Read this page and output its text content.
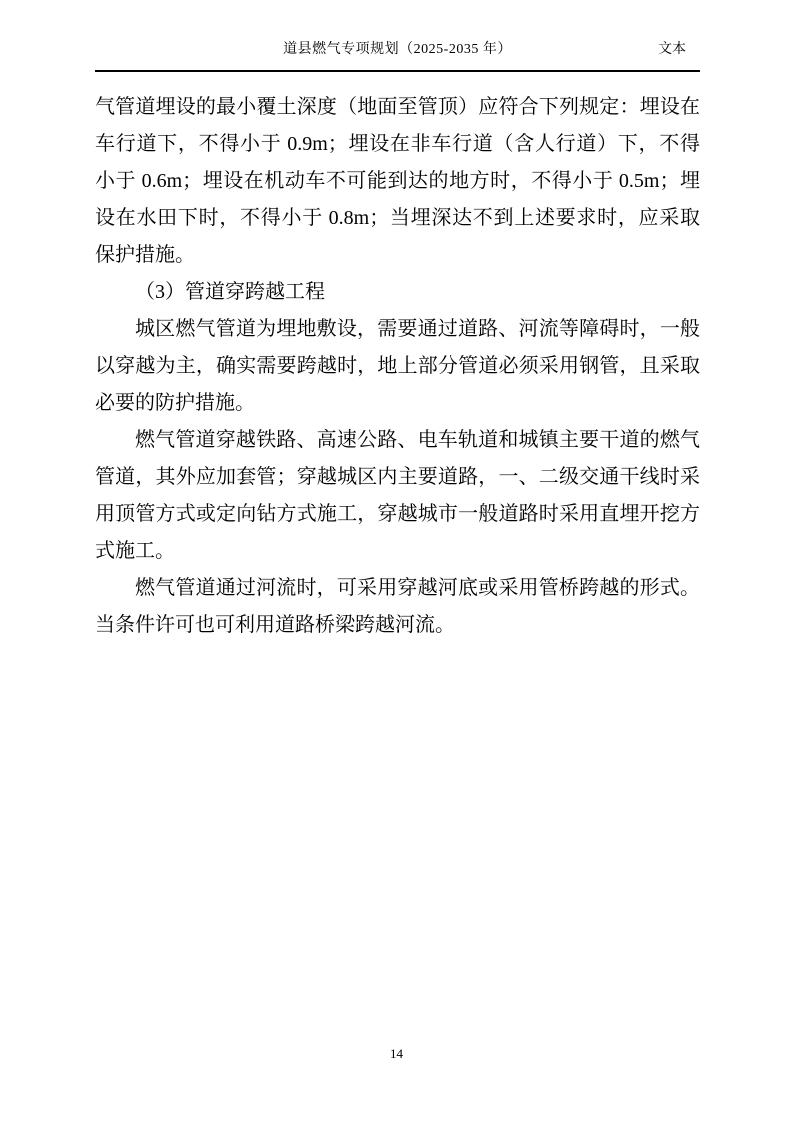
道县燃气专项规划（2025-2035 年）	文本

气管道埋设的最小覆土深度（地面至管顶）应符合下列规定：埋设在车行道下，不得小于 0.9m；埋设在非车行道（含人行道）下，不得小于 0.6m；埋设在机动车不可能到达的地方时，不得小于 0.5m；埋设在水田下时，不得小于 0.8m；当埋深达不到上述要求时，应采取保护措施。

（3）管道穿跨越工程

城区燃气管道为埋地敷设，需要通过道路、河流等障碍时，一般以穿越为主，确实需要跨越时，地上部分管道必须采用钢管，且采取必要的防护措施。

燃气管道穿越铁路、高速公路、电车轨道和城镇主要干道的燃气管道，其外应加套管；穿越城区内主要道路，一、二级交通干线时采用顶管方式或定向钻方式施工，穿越城市一般道路时采用直埋开挖方式施工。

燃气管道通过河流时，可采用穿越河底或采用管桥跨越的形式。当条件许可也可利用道路桥梁跨越河流。

14
